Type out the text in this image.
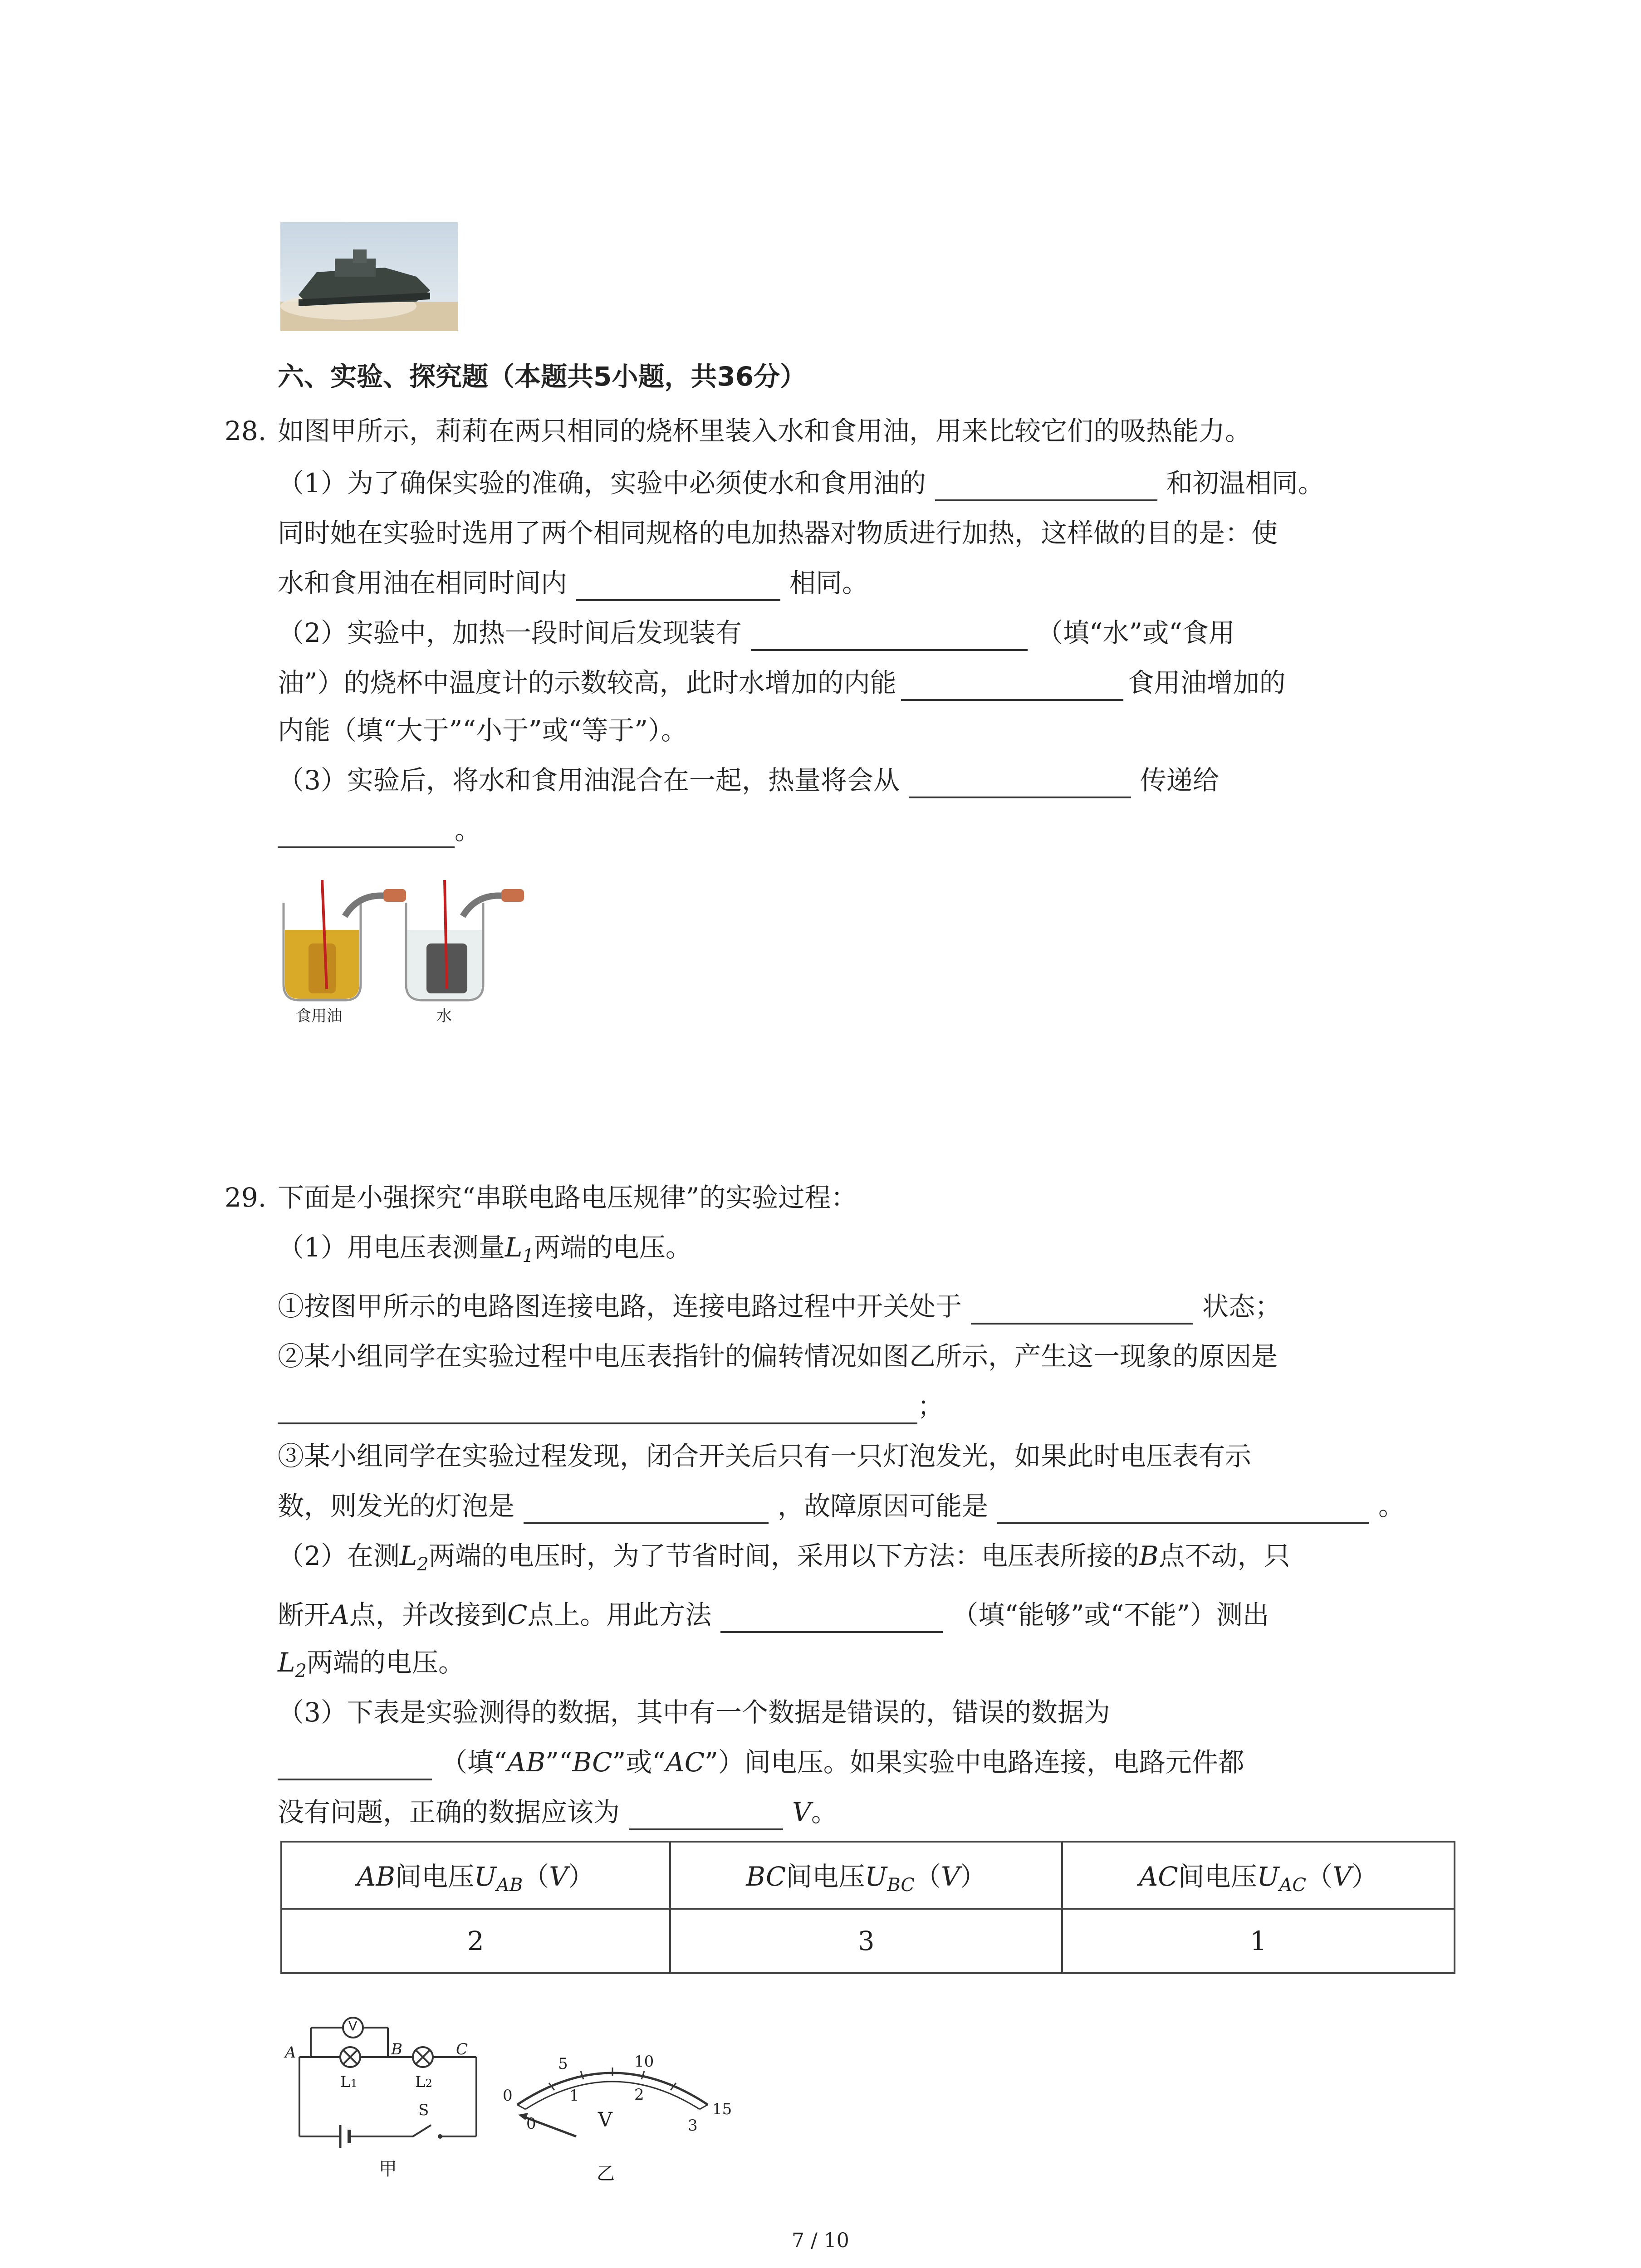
六、实验、探究题（本题共5小题，共36分）
28. 如图甲所示，莉莉在两只相同的烧杯里装入水和食用油，用来比较它们的吸热能力。
（1）为了确保实验的准确，实验中必须使水和食用油的	和初温相同。
同时她在实验时选用了两个相同规格的电加热器对物质进行加热，这样做的目的是：使
水和食用油在相同时间内	相同。
（2）实验中，加热一段时间后发现装有	（填“水”或“食用
油”）的烧杯中温度计的示数较高，此时水增加的内能	食用油增加的
内能（填“大于”“小于”或“等于”）。
（3）实验后，将水和食用油混合在一起，热量将会从	传递给
。
食用油	水
29. 下面是小强探究“串联电路电压规律”的实验过程：
（1）用电压表测量$L_1$两端的电压。
①按图甲所示的电路图连接电路，连接电路过程中开关处于	状态；
②某小组同学在实验过程中电压表指针的偏转情况如图乙所示，产生这一现象的原因是
；
③某小组同学在实验过程发现，闭合开关后只有一只灯泡发光，如果此时电压表有示
数，则发光的灯泡是	，故障原因可能是	。
（2）在测$L_2$两端的电压时，为了节省时间，采用以下方法：电压表所接的B点不动，只
断开A点，并改接到C点上。用此方法	（填“能够”或“不能”）测出
$L_2$两端的电压。
（3）下表是实验测得的数据，其中有一个数据是错误的，错误的数据为
（填“AB”“BC”或“AC”）间电压。如果实验中电路连接，电路元件都
没有问题，正确的数据应该为	V。
AB间电压$U_{AB}(V)$	BC间电压$U_{BC}(V)$	AC间电压$U_{AC}(V)$
2	3	1
V
A	B	C
L1	L2
S
甲
0
5	10
15
0
1	2
3
V
乙
7 / 10
